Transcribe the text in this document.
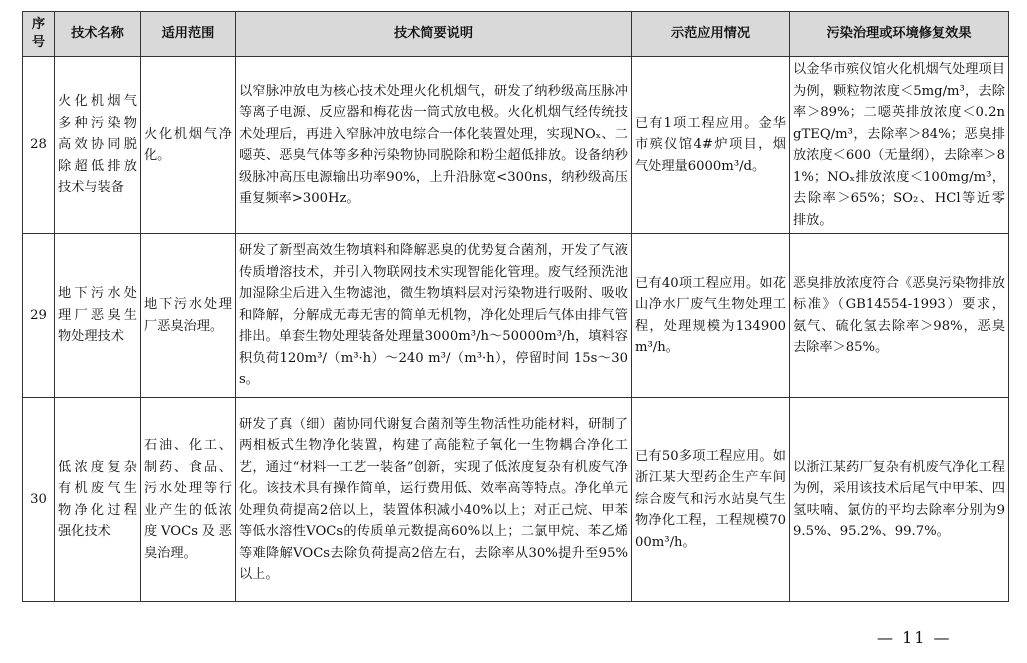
序号	技术名称	适用范围	技术简要说明	示范应用情况	污染治理或环境修复效果
28	火化机烟气多种污染物高效协同脱除超低排放技术与装备	火化机烟气净化。	以窄脉冲放电为核心技术处理火化机烟气，研发了纳秒级高压脉冲等离子电源、反应器和梅花齿一筒式放电极。火化机烟气经传统技术处理后，再进入窄脉冲放电综合一体化装置处理，实现NOₓ、二噁英、恶臭气体等多种污染物协同脱除和粉尘超低排放。设备纳秒级脉冲高压电源输出功率90%，上升沿脉宽<300ns，纳秒级高压重复频率>300Hz。	已有1项工程应用。金华市殡仪馆4#炉项目，烟气处理量6000m³/d。	以金华市殡仪馆火化机烟气处理项目为例，颗粒物浓度＜5mg/m³，去除率＞89%；二噁英排放浓度＜0.2ngTEQ/m³，去除率＞84%；恶臭排放浓度＜600（无量纲），去除率＞81%；NOₓ排放浓度＜100mg/m³，去除率＞65%；SO₂、HCl等近零排放。
29	地下污水处理厂恶臭生物处理技术	地下污水处理厂恶臭治理。	研发了新型高效生物填料和降解恶臭的优势复合菌剂，开发了气液传质增溶技术，并引入物联网技术实现智能化管理。废气经预洗池加湿除尘后进入生物滤池，微生物填料层对污染物进行吸附、吸收和降解，分解成无毒无害的简单无机物，净化处理后气体由排气管排出。单套生物处理装备处理量3000m³/h～50000m³/h，填料容积负荷120m³/（m³·h）～240 m³/（m³·h），停留时间 15s～30s。	已有40项工程应用。如花山净水厂废气生物处理工程，处理规模为134900m³/h。	恶臭排放浓度符合《恶臭污染物排放标准》（GB14554-1993）要求，氨气、硫化氢去除率＞98%，恶臭去除率＞85%。
30	低浓度复杂有机废气生物净化过程强化技术	石油、化工、制药、食品、污水处理等行业产生的低浓度VOCs及恶臭治理。	研发了真（细）菌协同代谢复合菌剂等生物活性功能材料，研制了两相板式生物净化装置，构建了高能粒子氧化一生物耦合净化工艺，通过“材料一工艺一装备”创新，实现了低浓度复杂有机废气净化。该技术具有操作简单，运行费用低、效率高等特点。净化单元处理负荷提高2倍以上，装置体积减小40%以上；对正己烷、甲苯等低水溶性VOCs的传质单元数提高60%以上；二氯甲烷、苯乙烯等难降解VOCs去除负荷提高2倍左右，去除率从30%提升至95%以上。	已有50多项工程应用。如浙江某大型药企生产车间综合废气和污水站臭气生物净化工程，工程规模7000m³/h。	以浙江某药厂复杂有机废气净化工程为例，采用该技术后尾气中甲苯、四氢呋喃、氯仿的平均去除率分别为99.5%、95.2%、99.7%。
— 11 —
